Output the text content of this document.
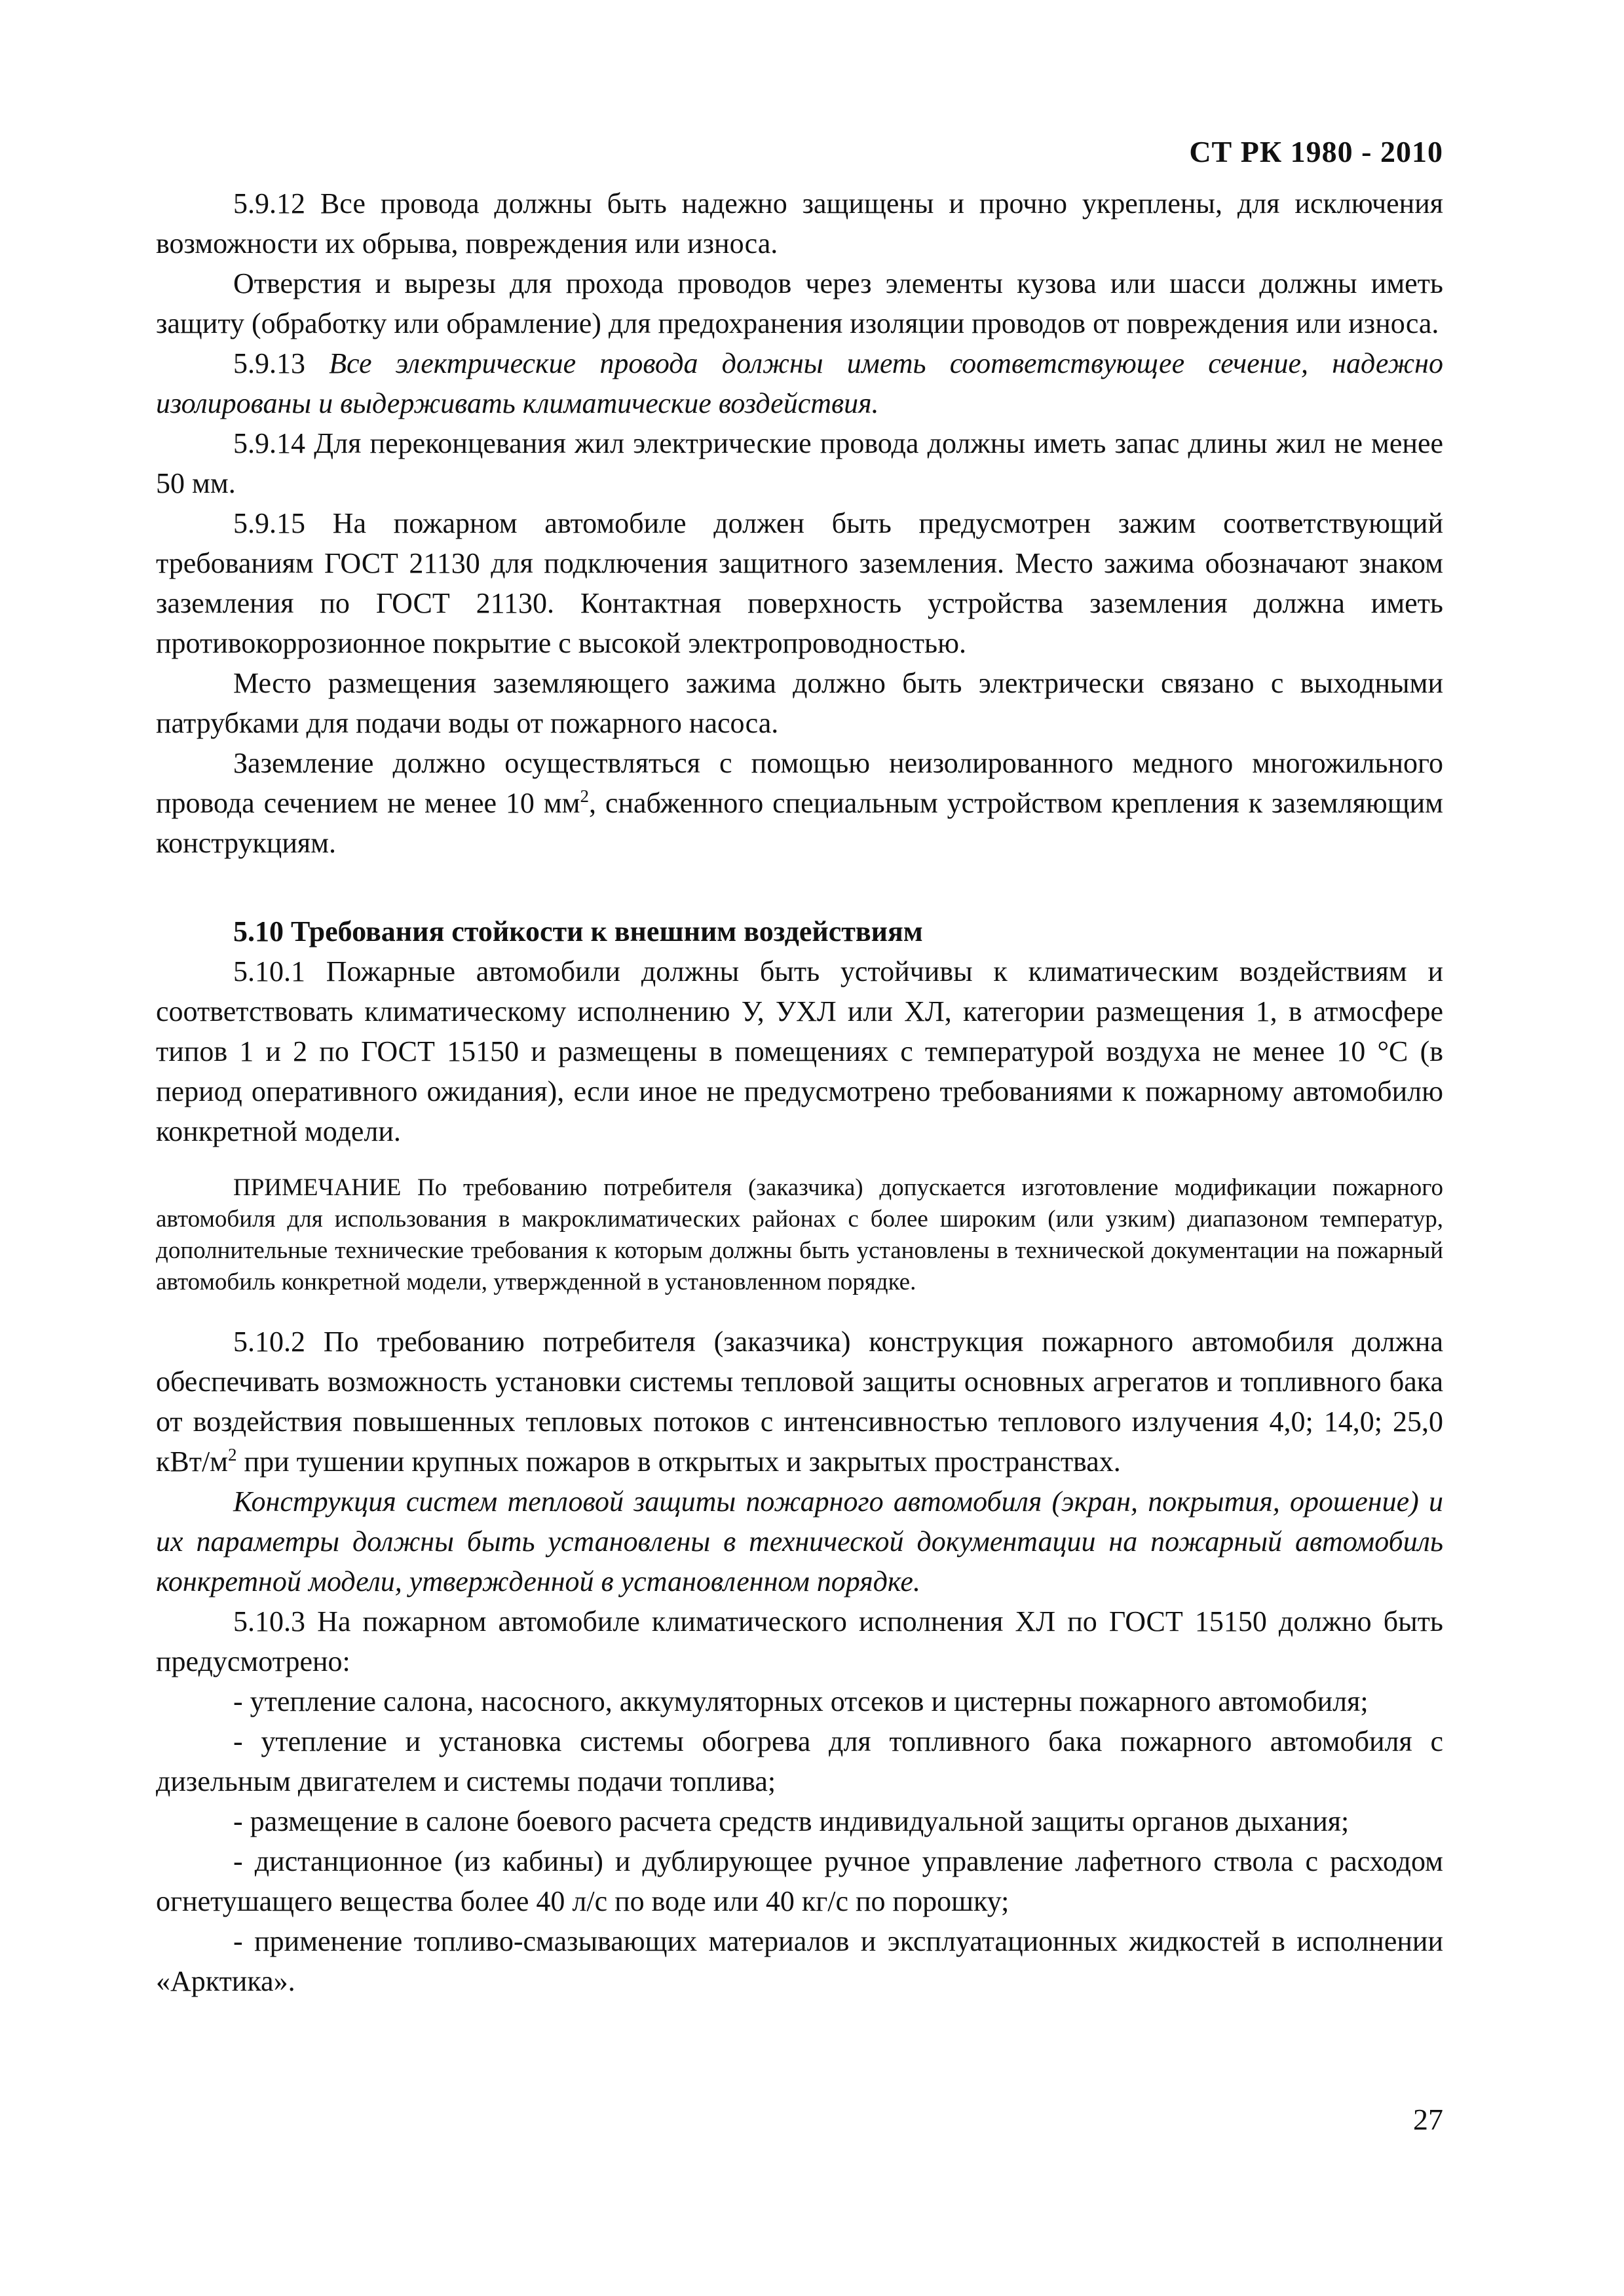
СТ РК 1980 - 2010

5.9.12 Все провода должны быть надежно защищены и прочно укреплены, для исключения возможности их обрыва, повреждения или износа.

Отверстия и вырезы для прохода проводов через элементы кузова или шасси должны иметь защиту (обработку или обрамление) для предохранения изоляции проводов от повреждения или износа.

5.9.13 Все электрические провода должны иметь соответствующее сечение, надежно изолированы и выдерживать климатические воздействия.

5.9.14 Для переконцевания жил электрические провода должны иметь запас длины жил не менее 50 мм.

5.9.15 На пожарном автомобиле должен быть предусмотрен зажим соответствующий требованиям ГОСТ 21130 для подключения защитного заземления. Место зажима обозначают знаком заземления по ГОСТ 21130. Контактная поверхность устройства заземления должна иметь противокоррозионное покрытие с высокой электропроводностью.

Место размещения заземляющего зажима должно быть электрически связано с выходными патрубками для подачи воды от пожарного насоса.

Заземление должно осуществляться с помощью неизолированного медного многожильного провода сечением не менее 10 $мм^2$, снабженного специальным устройством крепления к заземляющим конструкциям.

5.10 Требования стойкости к внешним воздействиям

5.10.1 Пожарные автомобили должны быть устойчивы к климатическим воздействиям и соответствовать климатическому исполнению У, УХЛ или ХЛ, категории размещения 1, в атмосфере типов 1 и 2 по ГОСТ 15150 и размещены в помещениях с температурой воздуха не менее 10 °С (в период оперативного ожидания), если иное не предусмотрено требованиями к пожарному автомобилю конкретной модели.

ПРИМЕЧАНИЕ По требованию потребителя (заказчика) допускается изготовление модификации пожарного автомобиля для использования в макроклиматических районах с более широким (или узким) диапазоном температур, дополнительные технические требования к которым должны быть установлены в технической документации на пожарный автомобиль конкретной модели, утвержденной в установленном порядке.

5.10.2 По требованию потребителя (заказчика) конструкция пожарного автомобиля должна обеспечивать возможность установки системы тепловой защиты основных агрегатов и топливного бака от воздействия повышенных тепловых потоков с интенсивностью теплового излучения 4,0; 14,0; 25,0 кВт/$м^2$ при тушении крупных пожаров в открытых и закрытых пространствах.

Конструкция систем тепловой защиты пожарного автомобиля (экран, покрытия, орошение) и их параметры должны быть установлены в технической документации на пожарный автомобиль конкретной модели, утвержденной в установленном порядке.

5.10.3 На пожарном автомобиле климатического исполнения ХЛ по ГОСТ 15150 должно быть предусмотрено:

- утепление салона, насосного, аккумуляторных отсеков и цистерны пожарного автомобиля;

- утепление и установка системы обогрева для топливного бака пожарного автомобиля с дизельным двигателем и системы подачи топлива;

- размещение в салоне боевого расчета средств индивидуальной защиты органов дыхания;

- дистанционное (из кабины) и дублирующее ручное управление лафетного ствола с расходом огнетушащего вещества более 40 л/с по воде или 40 кг/с по порошку;

- применение топливо-смазывающих материалов и эксплуатационных жидкостей в исполнении «Арктика».

27
